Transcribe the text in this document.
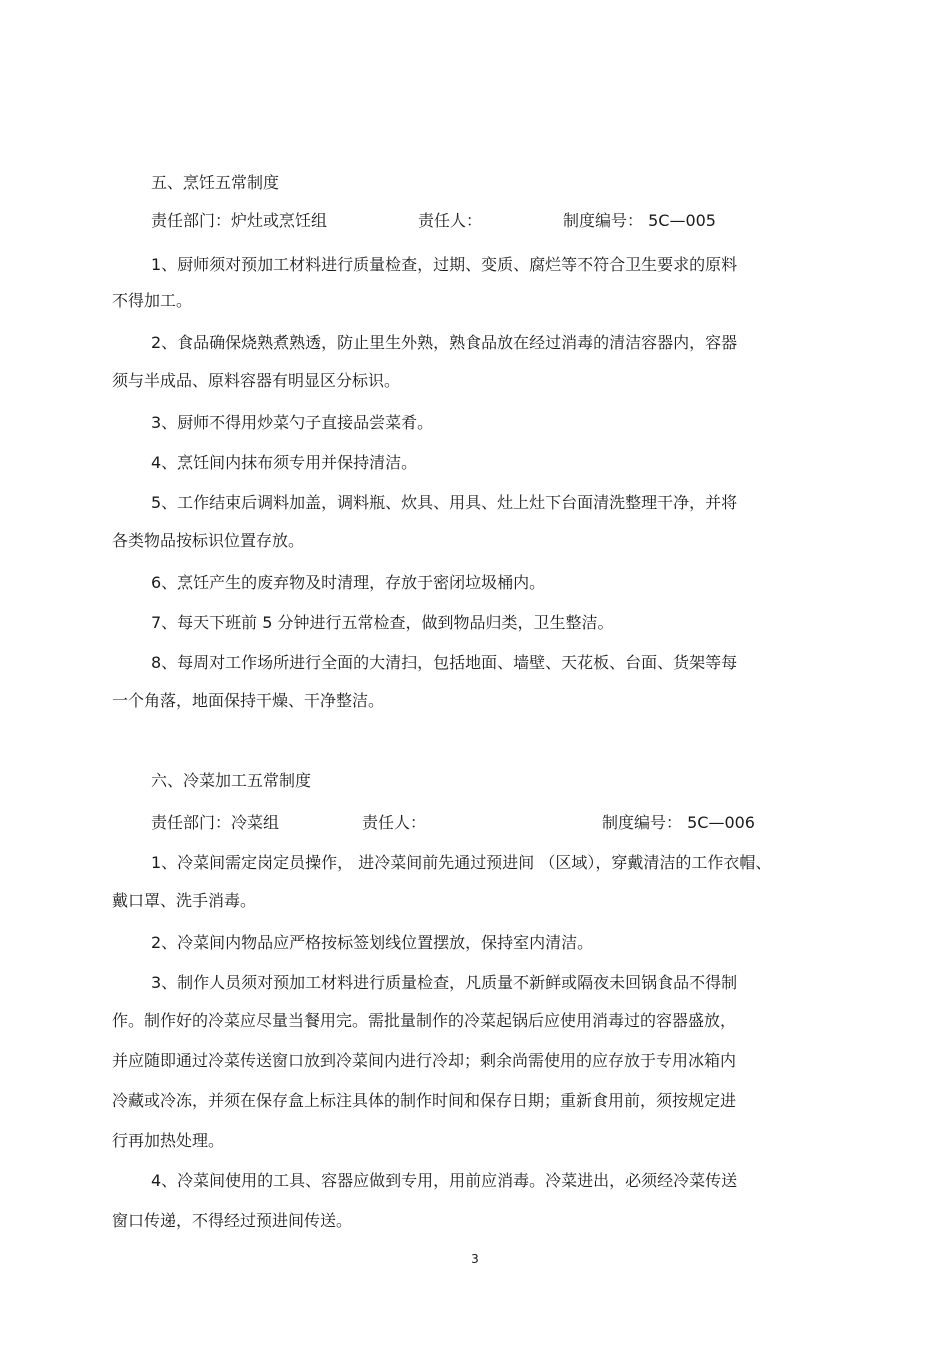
五、烹饪五常制度
责任部门：炉灶或烹饪组	责任人：	制度编号： 5C—005
1、厨师须对预加工材料进行质量检查，过期、变质、腐烂等不符合卫生要求的原料
不得加工。
2、食品确保烧熟煮熟透，防止里生外熟，熟食品放在经过消毒的清洁容器内，容器
须与半成品、原料容器有明显区分标识。
3、厨师不得用炒菜勺子直接品尝菜肴。
4、烹饪间内抹布须专用并保持清洁。
5、工作结束后调料加盖，调料瓶、炊具、用具、灶上灶下台面清洗整理干净，并将
各类物品按标识位置存放。
6、烹饪产生的废弃物及时清理，存放于密闭垃圾桶内。
7、每天下班前 5 分钟进行五常检查，做到物品归类，卫生整洁。
8、每周对工作场所进行全面的大清扫，包括地面、墙壁、天花板、台面、货架等每
一个角落，地面保持干燥、干净整洁。
六、冷菜加工五常制度
责任部门：冷菜组	责任人：	制度编号： 5C—006
1、冷菜间需定岗定员操作， 进冷菜间前先通过预进间 （区域），穿戴清洁的工作衣帽、
戴口罩、洗手消毒。
2、冷菜间内物品应严格按标签划线位置摆放，保持室内清洁。
3、制作人员须对预加工材料进行质量检查，凡质量不新鲜或隔夜未回锅食品不得制
作。制作好的冷菜应尽量当餐用完。需批量制作的冷菜起锅后应使用消毒过的容器盛放，
并应随即通过冷菜传送窗口放到冷菜间内进行冷却；剩余尚需使用的应存放于专用冰箱内
冷藏或冷冻，并须在保存盒上标注具体的制作时间和保存日期；重新食用前，须按规定进
行再加热处理。
4、冷菜间使用的工具、容器应做到专用，用前应消毒。冷菜进出，必须经冷菜传送
窗口传递，不得经过预进间传送。
3
